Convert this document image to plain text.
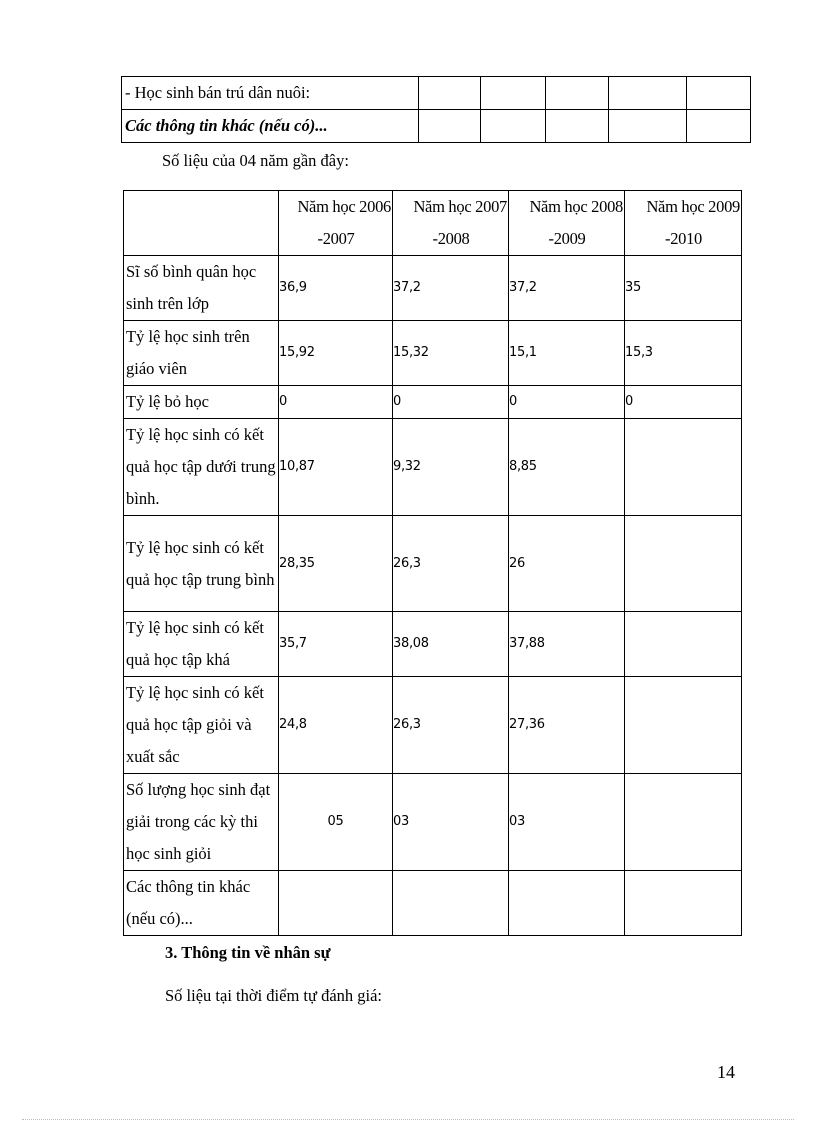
- Học sinh bán trú dân nuôi:					
Các thông tin khác (nếu có)...					

Số liệu của 04 năm gần đây:

	Năm học 2006
-2007	Năm học 2007
-2008	Năm học 2008
-2009	Năm học 2009
-2010

Sĩ số bình quân học sinh trên lớp	36,9	37,2	37,2	35
Tỷ lệ học sinh trên giáo viên	15,92	15,32	15,1	15,3
Tỷ lệ bỏ học	0	0	0	0
Tỷ lệ học sinh có kết quả học tập dưới trung bình.	10,87	9,32	8,85	
Tỷ lệ học sinh có kết quả học tập trung bình	28,35	26,3	26	
Tỷ lệ học sinh có kết quả học tập khá	35,7	38,08	37,88	
Tỷ lệ học sinh có kết quả học tập giỏi và xuất sắc	24,8	26,3	27,36	
Số lượng học sinh đạt giải trong các kỳ thi học sinh giỏi	05	03	03	
Các thông tin khác (nếu có)...				

3. Thông tin về nhân sự

Số liệu tại thời điểm tự đánh giá:

14
